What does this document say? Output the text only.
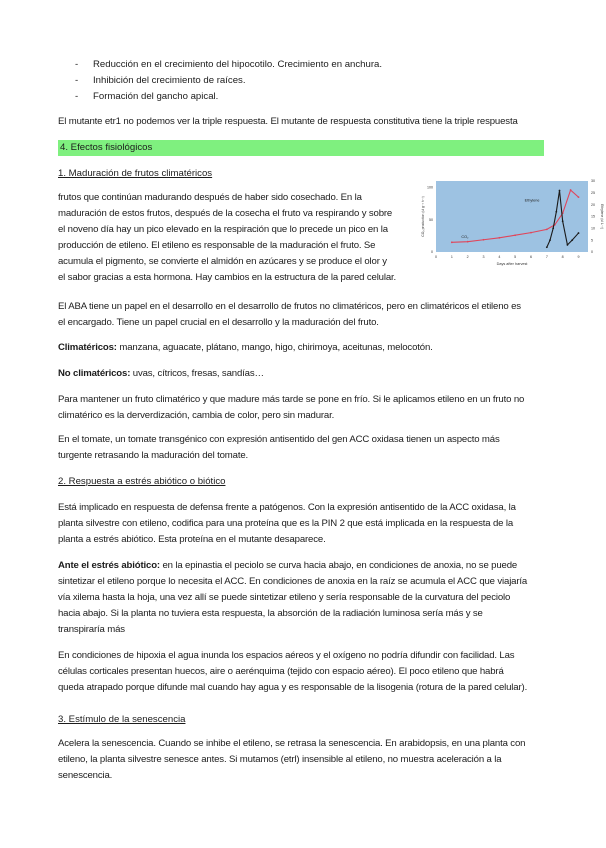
-	Reducción en el crecimiento del hipocotilo. Crecimiento en anchura.
-	Inhibición del crecimiento de raíces.
-	Formación del gancho apical.

El mutante etr1 no podemos ver la triple respuesta. El mutante de respuesta constitutiva tiene la triple respuesta

4. Efectos fisiológicos
1. Maduración de frutos climatéricos

frutos que continúan madurando después de haber sido cosechado. En la

maduración de estos frutos, después de la cosecha el fruto va respirando y sobre

el noveno día hay un pico elevado en la respiración que lo precede un pico en la

producción de etileno. El etileno es responsable de la maduración el fruto. Se

acumula el pigmento, se convierte el almidón en azúcares y se produce el olor y

el sabor gracias a esta hormona. Hay cambios en la estructura de la pared celular.

0	1	2	3	4	5	6	7	8	9
0
50
100
0
5
10
15
20
25
30
Days after harvest
CO₂ production (ul g⁻¹ h⁻¹)	Ethylene (ul L⁻¹)
CO₂
Ethylene

El ABA tiene un papel en el desarrollo en el desarrollo de frutos no climatéricos, pero en climatéricos el etileno es

el encargado. Tiene un papel crucial en el desarrollo y la maduración del fruto.

Climatéricos: manzana, aguacate, plátano, mango, higo, chirimoya, aceitunas, melocotón.

No climatéricos: uvas, cítricos, fresas, sandías…

Para mantener un fruto climatérico y que madure más tarde se pone en frío. Si le aplicamos etileno en un fruto no

climatérico es la derverdización, cambia de color, pero sin madurar.

En el tomate, un tomate transgénico con expresión antisentido del gen ACC oxidasa tienen un aspecto más

turgente retrasando la maduración del tomate.

2. Respuesta a estrés abiótico o biótico

Está implicado en respuesta de defensa frente a patógenos. Con la expresión antisentido de la ACC oxidasa, la

planta silvestre con etileno, codifica para una proteína que es la PIN 2 que está implicada en la respuesta de la

planta a estrés abiótico. Esta proteína en el mutante desaparece.

Ante el estrés abiótico: en la epinastia el peciolo se curva hacia abajo, en condiciones de anoxia, no se puede

sintetizar el etileno porque lo necesita el ACC. En condiciones de anoxia en la raíz se acumula el ACC que viajaría

vía xilema hasta la hoja, una vez allí se puede sintetizar etileno y sería responsable de la curvatura del peciolo

hacia abajo. Si la planta no tuviera esta respuesta, la absorción de la radiación luminosa sería más y se

transpiraría más

En condiciones de hipoxia el agua inunda los espacios aéreos y el oxígeno no podría difundir con facilidad. Las

células corticales presentan huecos, aire o aerénquima (tejido con espacio aéreo). El poco etileno que habrá

queda atrapado porque difunde mal cuando hay agua y es responsable de la lisogenia (rotura de la pared celular).

3. Estímulo de la senescencia

Acelera la senescencia. Cuando se inhibe el etileno, se retrasa la senescencia. En arabidopsis, en una planta con

etileno, la planta silvestre senesce antes. Si mutamos (etrl) insensible al etileno, no muestra aceleración a la

senescencia.
